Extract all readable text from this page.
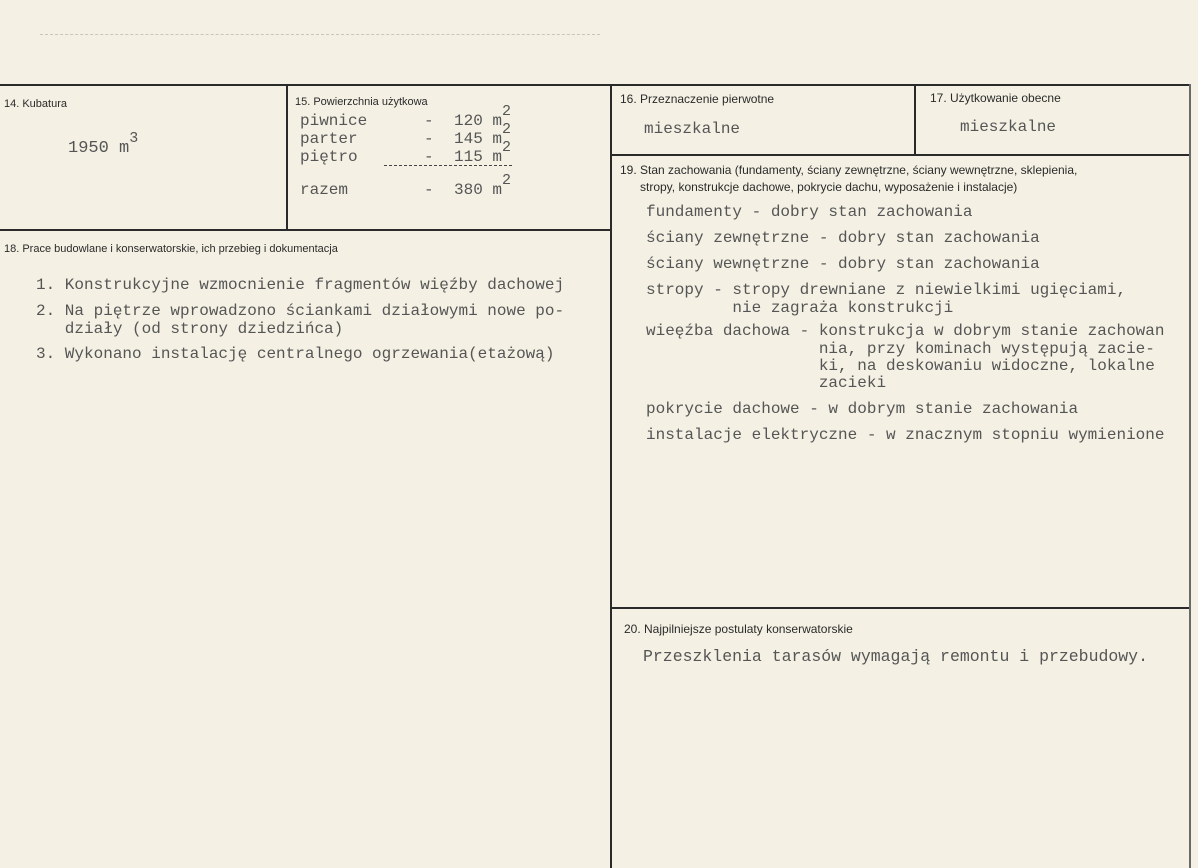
14. Kubatura
1950 m3
15. Powierzchnia użytkowa
piwnice	- 120 m2
parter	- 145 m2
piętro	- 115 m2
razem	- 380 m2
16. Przeznaczenie pierwotne
mieszkalne
17. Użytkowanie obecne
mieszkalne
18. Prace budowlane i konserwatorskie, ich przebieg i dokumentacja
1. Konstrukcyjne wzmocnienie fragmentów więźby dachowej
2. Na piętrze wprowadzono ściankami działowymi nowe po-
działy (od strony dziedzińca)
3. Wykonano instalację centralnego ogrzewania(etażową)
19. Stan zachowania (fundamenty, ściany zewnętrzne, ściany wewnętrzne, sklepienia,
stropy, konstrukcje dachowe, pokrycie dachu, wyposażenie i instalacje)
fundamenty - dobry stan zachowania
ściany zewnętrzne - dobry stan zachowania
ściany wewnętrzne - dobry stan zachowania
stropy - stropy drewniane z niewielkimi ugięciami,
nie zagraża konstrukcji
wieęźba dachowa - konstrukcja w dobrym stanie zachowan
nia, przy kominach występują zacie-
ki, na deskowaniu widoczne, lokalne
zacieki
pokrycie dachowe - w dobrym stanie zachowania
instalacje elektryczne - w znacznym stopniu wymienione
20. Najpilniejsze postulaty konserwatorskie
Przeszklenia tarasów wymagają remontu i przebudowy.
